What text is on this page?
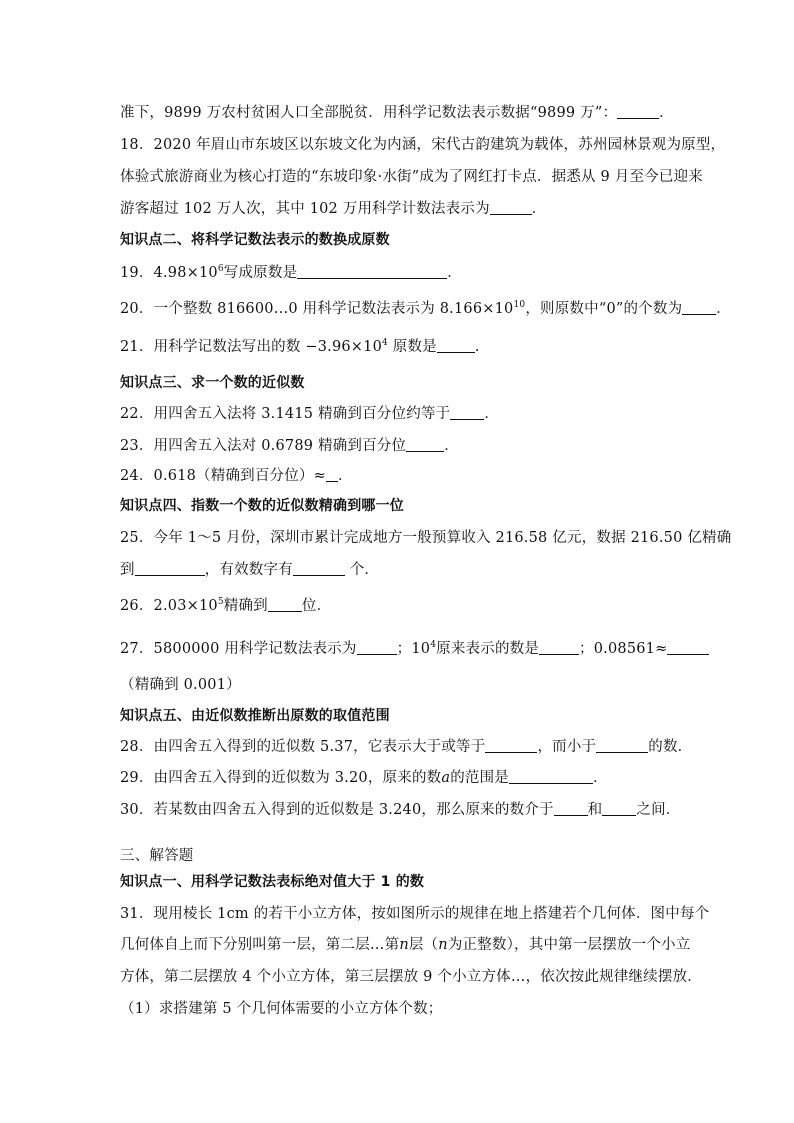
准下，9899 万农村贫困人口全部脱贫．用科学记数法表示数据“9899 万”：	．
18．2020 年眉山市东坡区以东坡文化为内涵，宋代古韵建筑为载体，苏州园林景观为原型，
体验式旅游商业为核心打造的“东坡印象·水街”成为了网红打卡点．据悉从 9 月至今已迎来
游客超过 102 万人次，其中 102 万用科学计数法表示为	．
知识点二、将科学记数法表示的数换成原数
19．$4.98\times 10^6$写成原数是	．
20．一个整数 816600…0 用科学记数法表示为 $8.166\times 10^{10}$，则原数中“0”的个数为 ．
21．用科学记数法写出的数 $-3.96\times 10^4$ 原数是	.
知识点三、求一个数的近似数
22．用四舍五入法将 3.1415 精确到百分位约等于 ．
23．用四舍五入法对 0.6789 精确到百分位	．
24．0.618（精确到百分位）≈ ．
知识点四、指数一个数的近似数精确到哪一位
25．今年 1～5 月份，深圳市累计完成地方一般预算收入 216.58 亿元，数据 216.50 亿精确
到	，有效数字有	个．
26．$2.03\times 10^5$精确到 位．
27．5800000 用科学记数法表示为	；$10^4$原来表示的数是	；0.08561≈
（精确到 0.001）
知识点五、由近似数推断出原数的取值范围
28．由四舍五入得到的近似数 5.37，它表示大于或等于	，而小于	的数．
29．由四舍五入得到的近似数为 3.20，原来的数a的范围是	．
30．若某数由四舍五入得到的近似数是 3.240，那么原来的数介于 和 之间．
三、解答题
知识点一、用科学记数法表标绝对值大于 1 的数
31．现用棱长 1cm 的若干小立方体，按如图所示的规律在地上搭建若个几何体．图中每个
几何体自上而下分别叫第一层，第二层…第n层（n为正整数），其中第一层摆放一个小立
方体，第二层摆放 4 个小立方体，第三层摆放 9 个小立方体…，依次按此规律继续摆放．
（1）求搭建第 5 个几何体需要的小立方体个数；
